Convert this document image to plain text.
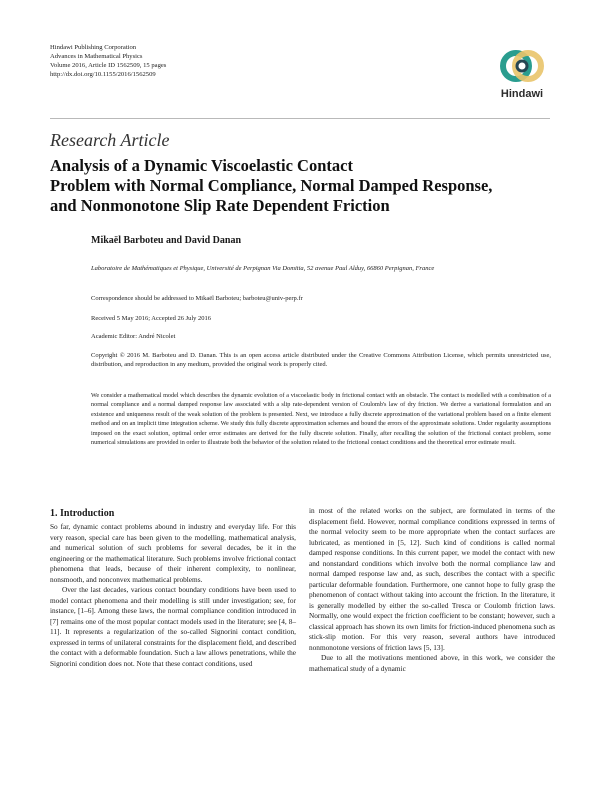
Hindawi Publishing Corporation
Advances in Mathematical Physics
Volume 2016, Article ID 1562509, 15 pages
http://dx.doi.org/10.1155/2016/1562509
Hindawi
Research Article
Analysis of a Dynamic Viscoelastic Contact
Problem with Normal Compliance, Normal Damped Response,
and Nonmonotone Slip Rate Dependent Friction
Mikaël Barboteu and David Danan
Laboratoire de Mathématiques et Physique, Université de Perpignan Via Domitia, 52 avenue Paul Alduy, 66860 Perpignan, France
Correspondence should be addressed to Mikaël Barboteu; barboteu@univ-perp.fr
Received 5 May 2016; Accepted 26 July 2016
Academic Editor: André Nicolet
Copyright © 2016 M. Barboteu and D. Danan. This is an open access article distributed under the Creative Commons Attribution License, which permits unrestricted use, distribution, and reproduction in any medium, provided the original work is properly cited.
We consider a mathematical model which describes the dynamic evolution of a viscoelastic body in frictional contact with an obstacle. The contact is modelled with a combination of a normal compliance and a normal damped response law associated with a slip rate-dependent version of Coulomb's law of dry friction. We derive a variational formulation and an existence and uniqueness result of the weak solution of the problem is presented. Next, we introduce a fully discrete approximation of the variational problem based on a finite element method and on an implicit time integration scheme. We study this fully discrete approximation schemes and bound the errors of the approximate solutions. Under regularity assumptions imposed on the exact solution, optimal order error estimates are derived for the fully discrete solution. Finally, after recalling the solution of the frictional contact problem, some numerical simulations are provided in order to illustrate both the behavior of the solution related to the frictional contact conditions and the theoretical error estimate result.
1. Introduction

So far, dynamic contact problems abound in industry and everyday life. For this very reason, special care has been given to the modelling, mathematical analysis, and numerical solution of such problems for several decades, be it in the engineering or the mathematical literature. Such problems involve frictional contact phenomena that leads, because of their inherent complexity, to nonlinear, nonsmooth, and nonconvex mathematical problems.

Over the last decades, various contact boundary conditions have been used to model contact phenomena and their modelling is still under investigation; see, for instance, [1–6]. Among these laws, the normal compliance condition introduced in [7] remains one of the most popular contact models used in the literature; see [4, 8–11]. It represents a regularization of the so-called Signorini contact condition, expressed in terms of unilateral constraints for the displacement field, and described the contact with a deformable foundation. Such a law allows penetrations, while the Signorini condition does not. Note that these contact conditions, used

in most of the related works on the subject, are formulated in terms of the displacement field. However, normal compliance conditions expressed in terms of the normal velocity seem to be more appropriate when the contact surfaces are lubricated, as mentioned in [5, 12]. Such kind of conditions is called normal damped response conditions. In this current paper, we model the contact with new and nonstandard conditions which involve both the normal compliance law and normal damped response law and, as such, describes the contact with a specific particular deformable foundation. Furthermore, one cannot hope to fully grasp the phenomenon of contact without taking into account the friction. In the literature, it is generally modelled by either the so-called Tresca or Coulomb friction laws. Normally, one would expect the friction coefficient to be constant; however, such a classical approach has shown its own limits for friction-induced phenomena such as stick-slip motion. For this very reason, several authors have introduced nonmonotone versions of friction laws [5, 13].

Due to all the motivations mentioned above, in this work, we consider the mathematical study of a dynamic
